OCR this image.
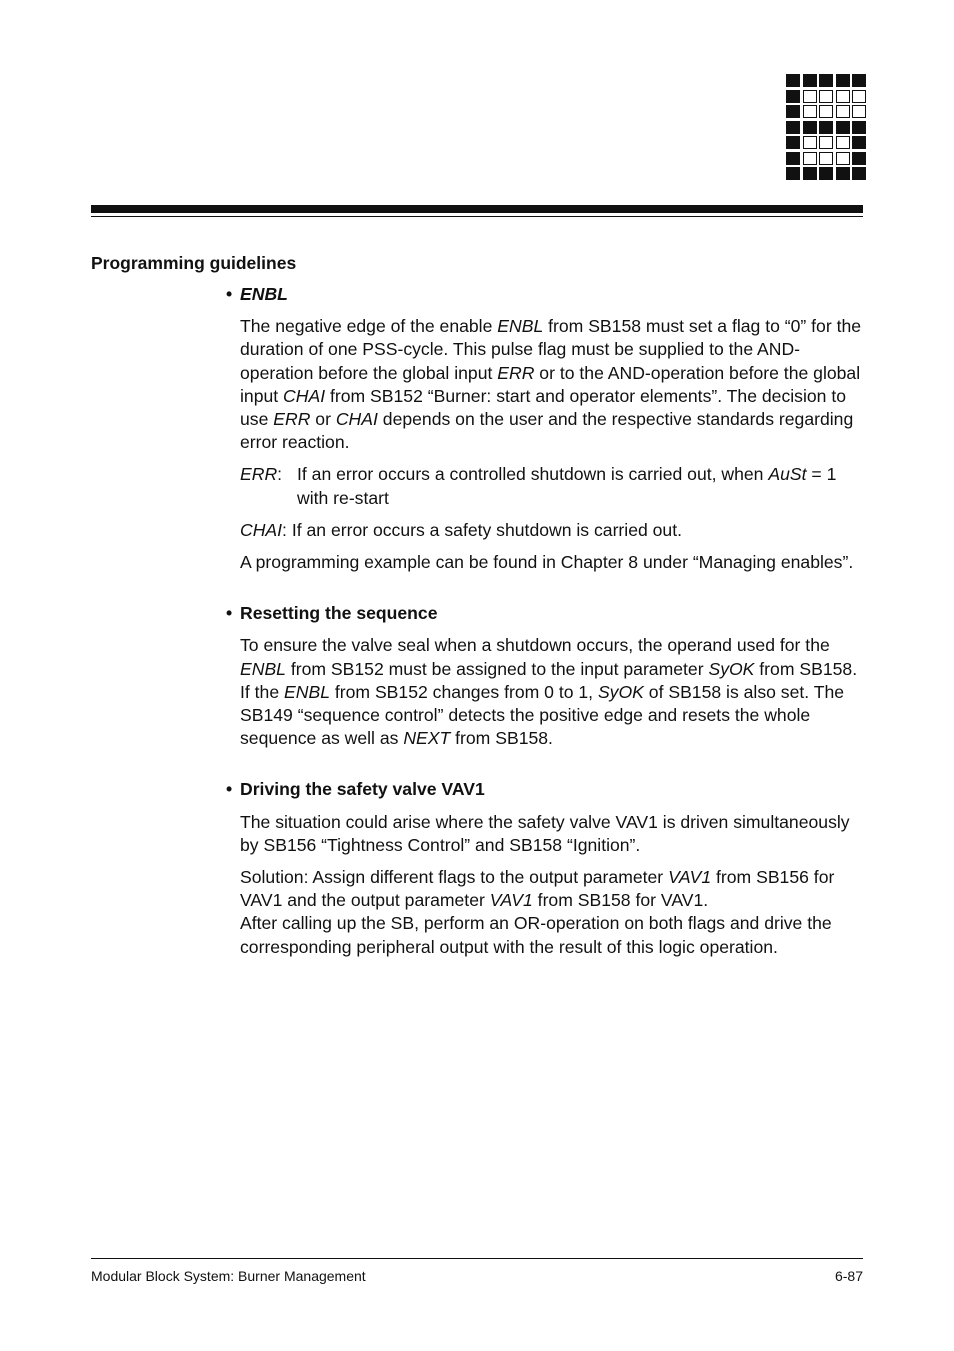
Programming guidelines
• ENBL

The negative edge of the enable ENBL from SB158 must set a flag to “0” for the duration of one PSS-cycle. This pulse flag must be supplied to the AND-operation before the global input ERR or to the AND-operation before the global input CHAI from SB152 “Burner: start and operator elements”. The decision to use ERR or CHAI depends on the user and the respective standards regarding error reaction.

ERR: If an error occurs a controlled shutdown is carried out, when AuSt = 1 with re-start

CHAI: If an error occurs a safety shutdown is carried out.

A programming example can be found in Chapter 8 under “Managing enables”.

• Resetting the sequence

To ensure the valve seal when a shutdown occurs, the operand used for the ENBL from SB152 must be assigned to the input parameter SyOK from SB158.
If the ENBL from SB152 changes from 0 to 1, SyOK of SB158 is also set. The SB149 “sequence control” detects the positive edge and resets the whole sequence as well as NEXT from SB158.

• Driving the safety valve VAV1

The situation could arise where the safety valve VAV1 is driven simultaneously by SB156 “Tightness Control” and SB158 “Ignition”.

Solution: Assign different flags to the output parameter VAV1 from SB156 for VAV1 and the output parameter VAV1 from SB158 for VAV1.
After calling up the SB, perform an OR-operation on both flags and drive the corresponding peripheral output with the result of this logic operation.

Modular Block System: Burner Management	6-87
